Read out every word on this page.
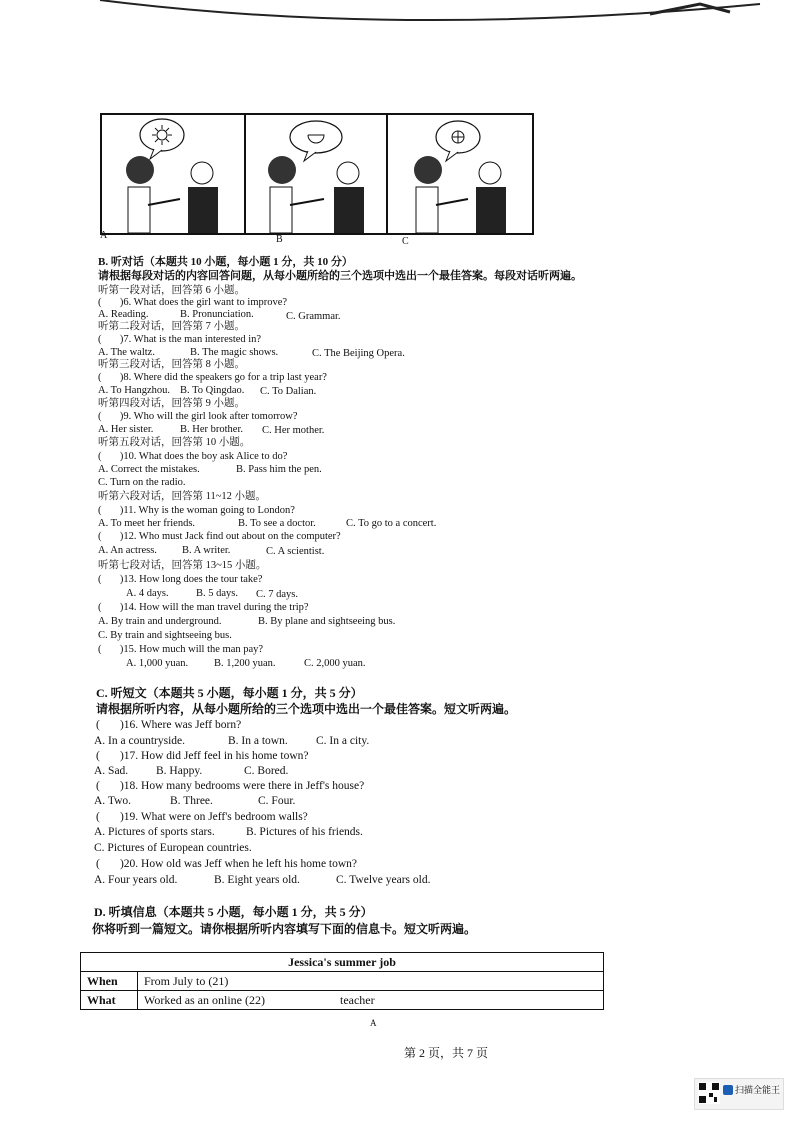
A	B	C
B. 听对话（本题共 10 小题，每小题 1 分，共 10 分）
请根据每段对话的内容回答问题，从每小题所给的三个选项中选出一个最佳答案。每段对话听两遍。
听第一段对话，回答第 6 小题。
(       )6. What does the girl want to improve?
A. Reading.	B. Pronunciation.	C. Grammar.
听第二段对话，回答第 7 小题。
(       )7. What is the man interested in?
A. The waltz.	B. The magic shows.	C. The Beijing Opera.
听第三段对话，回答第 8 小题。
(       )8. Where did the speakers go for a trip last year?
A. To Hangzhou. B. To Qingdao. C. To Dalian.
听第四段对话，回答第 9 小题。
(       )9. Who will the girl look after tomorrow?
A. Her sister.	B. Her brother. C. Her mother.
听第五段对话，回答第 10 小题。
(       )10. What does the boy ask Alice to do?
A. Correct the mistakes.	B. Pass him the pen.
C. Turn on the radio.
听第六段对话，回答第 11~12 小题。
(       )11. Why is the woman going to London?
A. To meet her friends.	B. To see a doctor.	C. To go to a concert.
(       )12. Who must Jack find out about on the computer?
A. An actress. B. A writer.	C. A scientist.
听第七段对话，回答第 13~15 小题。
(       )13. How long does the tour take?
A. 4 days.	B. 5 days. C. 7 days.
(       )14. How will the man travel during the trip?
A. By train and underground.	B. By plane and sightseeing bus.
C. By train and sightseeing bus.
(       )15. How much will the man pay?
A. 1,000 yuan. B. 1,200 yuan.	C. 2,000 yuan.
C. 听短文（本题共 5 小题，每小题 1 分，共 5 分）
请根据所听内容，从每小题所给的三个选项中选出一个最佳答案。短文听两遍。
(       )16. Where was Jeff born?
A. In a countryside.	B. In a town. C. In a city.
(       )17. How did Jeff feel in his home town?
A. Sad. B. Happy.	C. Bored.
(       )18. How many bedrooms were there in Jeff's house?
A. Two.	B. Three.	C. Four.
(       )19. What were on Jeff's bedroom walls?
A. Pictures of sports stars.	B. Pictures of his friends.
C. Pictures of European countries.
(       )20. How old was Jeff when he left his home town?
A. Four years old.	B. Eight years old.	C. Twelve years old.
D. 听填信息（本题共 5 小题，每小题 1 分，共 5 分）
你将听到一篇短文。请你根据所听内容填写下面的信息卡。短文听两遍。
Jessica's summer job	
When	From July to (21)
What	Worked as an online (22)                         teacher
A
第 2 页，共 7 页
扫描全能王
